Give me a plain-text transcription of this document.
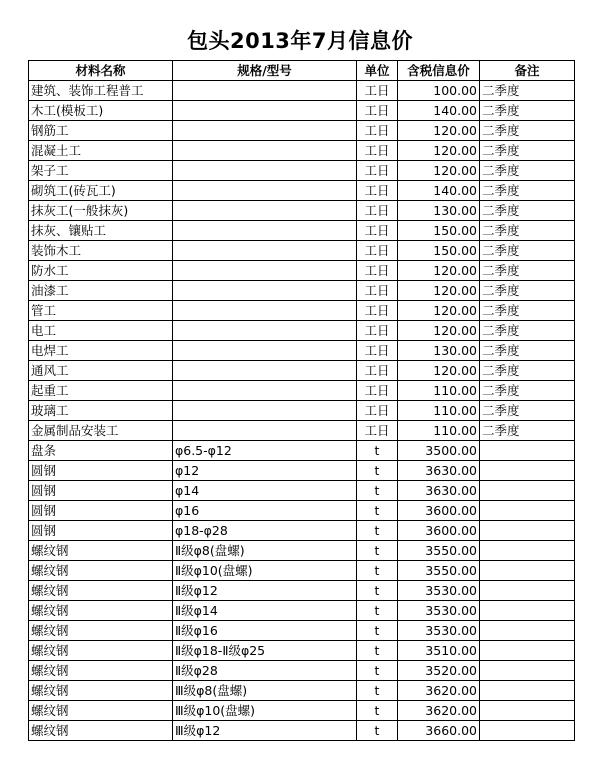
包头2013年7月信息价
材料名称	规格/型号	单位	含税信息价	备注
建筑、装饰工程普工		工日	100.00	二季度
木工(模板工)		工日	140.00	二季度
钢筋工		工日	120.00	二季度
混凝土工		工日	120.00	二季度
架子工		工日	120.00	二季度
砌筑工(砖瓦工)		工日	140.00	二季度
抹灰工(一般抹灰)		工日	130.00	二季度
抹灰、镶贴工		工日	150.00	二季度
装饰木工		工日	150.00	二季度
防水工		工日	120.00	二季度
油漆工		工日	120.00	二季度
管工		工日	120.00	二季度
电工		工日	120.00	二季度
电焊工		工日	130.00	二季度
通风工		工日	120.00	二季度
起重工		工日	110.00	二季度
玻璃工		工日	110.00	二季度
金属制品安装工		工日	110.00	二季度
盘条	φ6.5-φ12	t	3500.00	
圆钢	φ12	t	3630.00	
圆钢	φ14	t	3630.00	
圆钢	φ16	t	3600.00	
圆钢	φ18-φ28	t	3600.00	
螺纹钢	Ⅱ级φ8(盘螺)	t	3550.00	
螺纹钢	Ⅱ级φ10(盘螺)	t	3550.00	
螺纹钢	Ⅱ级φ12	t	3530.00	
螺纹钢	Ⅱ级φ14	t	3530.00	
螺纹钢	Ⅱ级φ16	t	3530.00	
螺纹钢	Ⅱ级φ18-Ⅱ级φ25	t	3510.00	
螺纹钢	Ⅱ级φ28	t	3520.00	
螺纹钢	Ⅲ级φ8(盘螺)	t	3620.00	
螺纹钢	Ⅲ级φ10(盘螺)	t	3620.00	
螺纹钢	Ⅲ级φ12	t	3660.00	
